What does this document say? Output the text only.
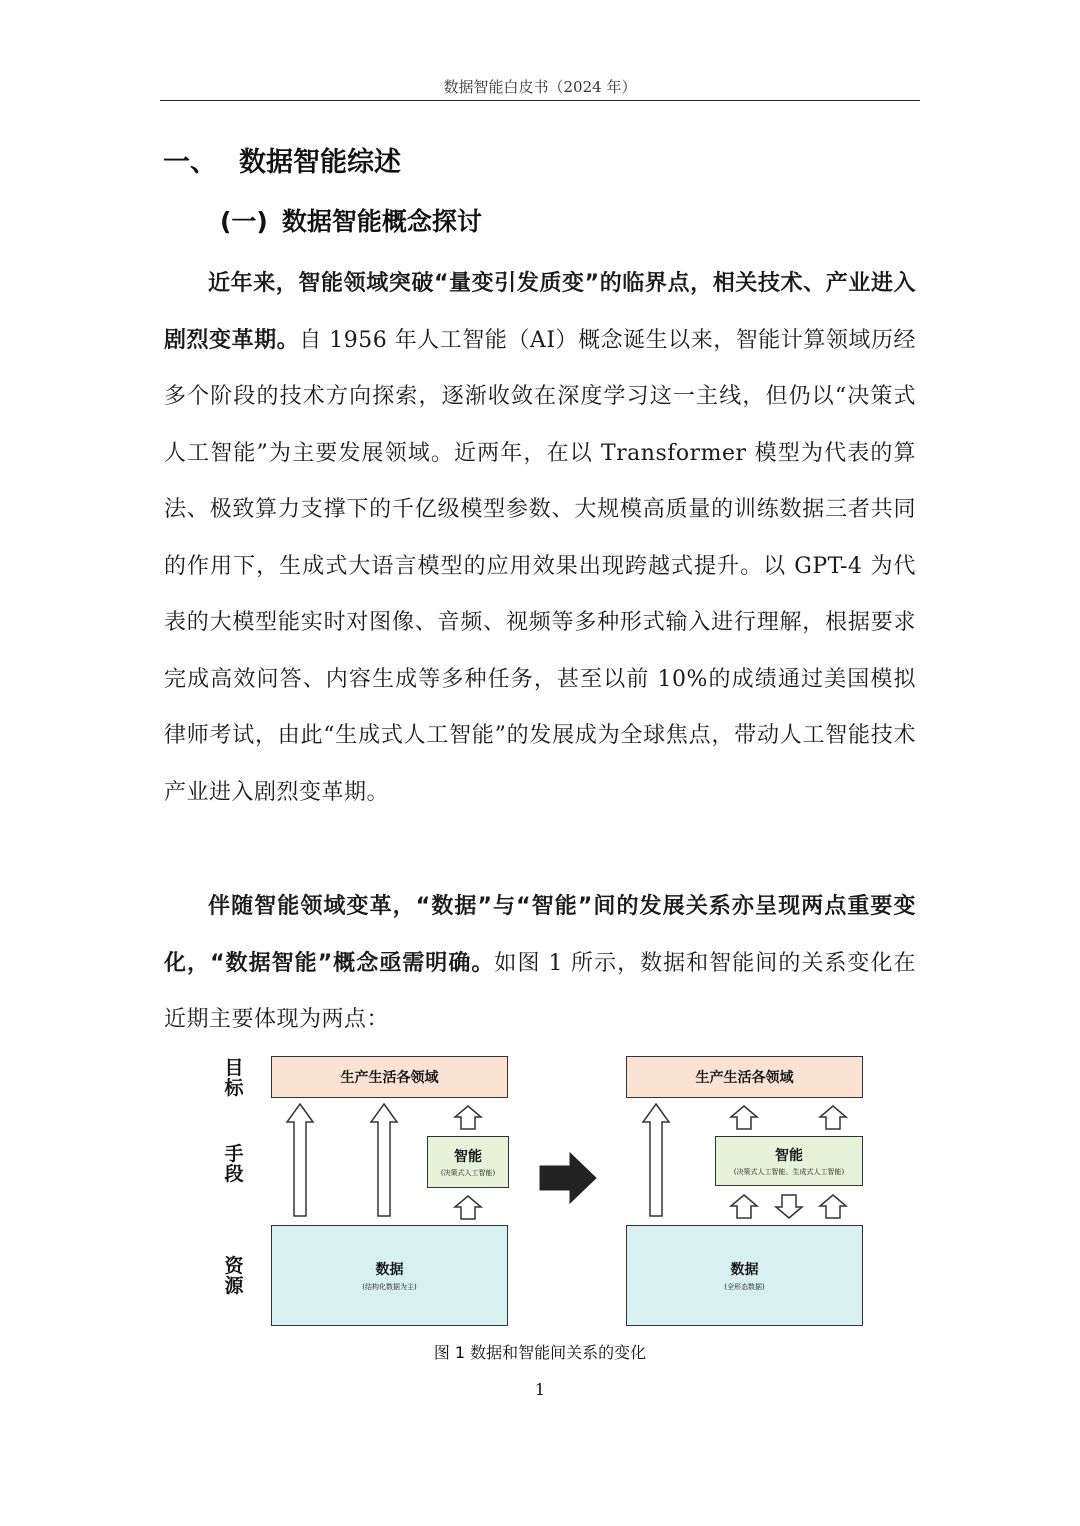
数据智能白皮书（2024 年）
一、 数据智能综述
(一) 数据智能概念探讨
近年来，智能领域突破“量变引发质变”的临界点，相关技术、产业进入剧烈变革期。自 1956 年人工智能（AI）概念诞生以来，智能计算领域历经多个阶段的技术方向探索，逐渐收敛在深度学习这一主线，但仍以“决策式人工智能”为主要发展领域。近两年，在以 Transformer 模型为代表的算法、极致算力支撑下的千亿级模型参数、大规模高质量的训练数据三者共同的作用下，生成式大语言模型的应用效果出现跨越式提升。以 GPT-4 为代表的大模型能实时对图像、音频、视频等多种形式输入进行理解，根据要求完成高效问答、内容生成等多种任务，甚至以前 10%的成绩通过美国模拟律师考试，由此“生成式人工智能”的发展成为全球焦点，带动人工智能技术产业进入剧烈变革期。
伴随智能领域变革，“数据”与“智能”间的发展关系亦呈现两点重要变化，“数据智能”概念亟需明确。如图 1 所示，数据和智能间的关系变化在近期主要体现为两点：
目
标
手
段
资
源
生产生活各领域
智能
(决策式人工智能)
数据
(结构化数据为主)
生产生活各领域
智能
(决策式人工智能、生成式人工智能)
数据
(全形态数据)
图 1 数据和智能间关系的变化
1
